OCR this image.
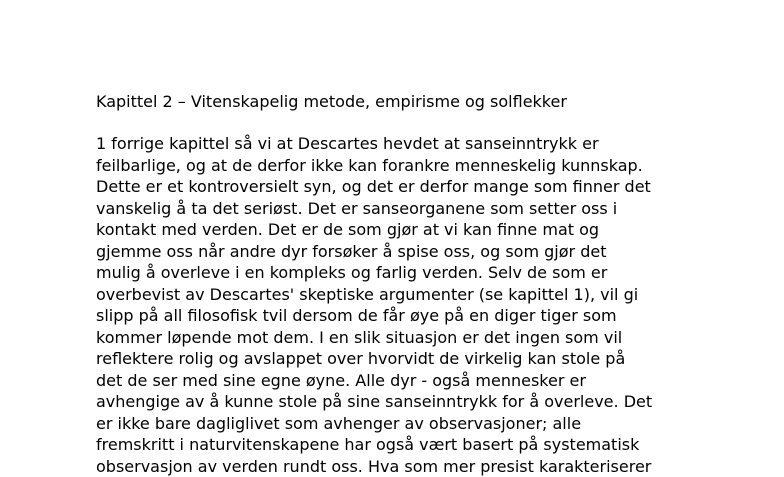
Kapittel 2 – Vitenskapelig metode, empirisme og solflekker
1 forrige kapittel så vi at Descartes hevdet at sanseinntrykk er
feilbarlige, og at de derfor ikke kan forankre menneskelig kunnskap.
Dette er et kontroversielt syn, og det er derfor mange som finner det
vanskelig å ta det seriøst. Det er sanseorganene som setter oss i
kontakt med verden. Det er de som gjør at vi kan finne mat og
gjemme oss når andre dyr forsøker å spise oss, og som gjør det
mulig å overleve i en kompleks og farlig verden. Selv de som er
overbevist av Descartes' skeptiske argumenter (se kapittel 1), vil gi
slipp på all filosofisk tvil dersom de får øye på en diger tiger som
kommer løpende mot dem. I en slik situasjon er det ingen som vil
reflektere rolig og avslappet over hvorvidt de virkelig kan stole på
det de ser med sine egne øyne. Alle dyr - også mennesker er
avhengige av å kunne stole på sine sanseinntrykk for å overleve. Det
er ikke bare dagliglivet som avhenger av observasjoner; alle
fremskritt i naturvitenskapene har også vært basert på systematisk
observasjon av verden rundt oss. Hva som mer presist karakteriserer
